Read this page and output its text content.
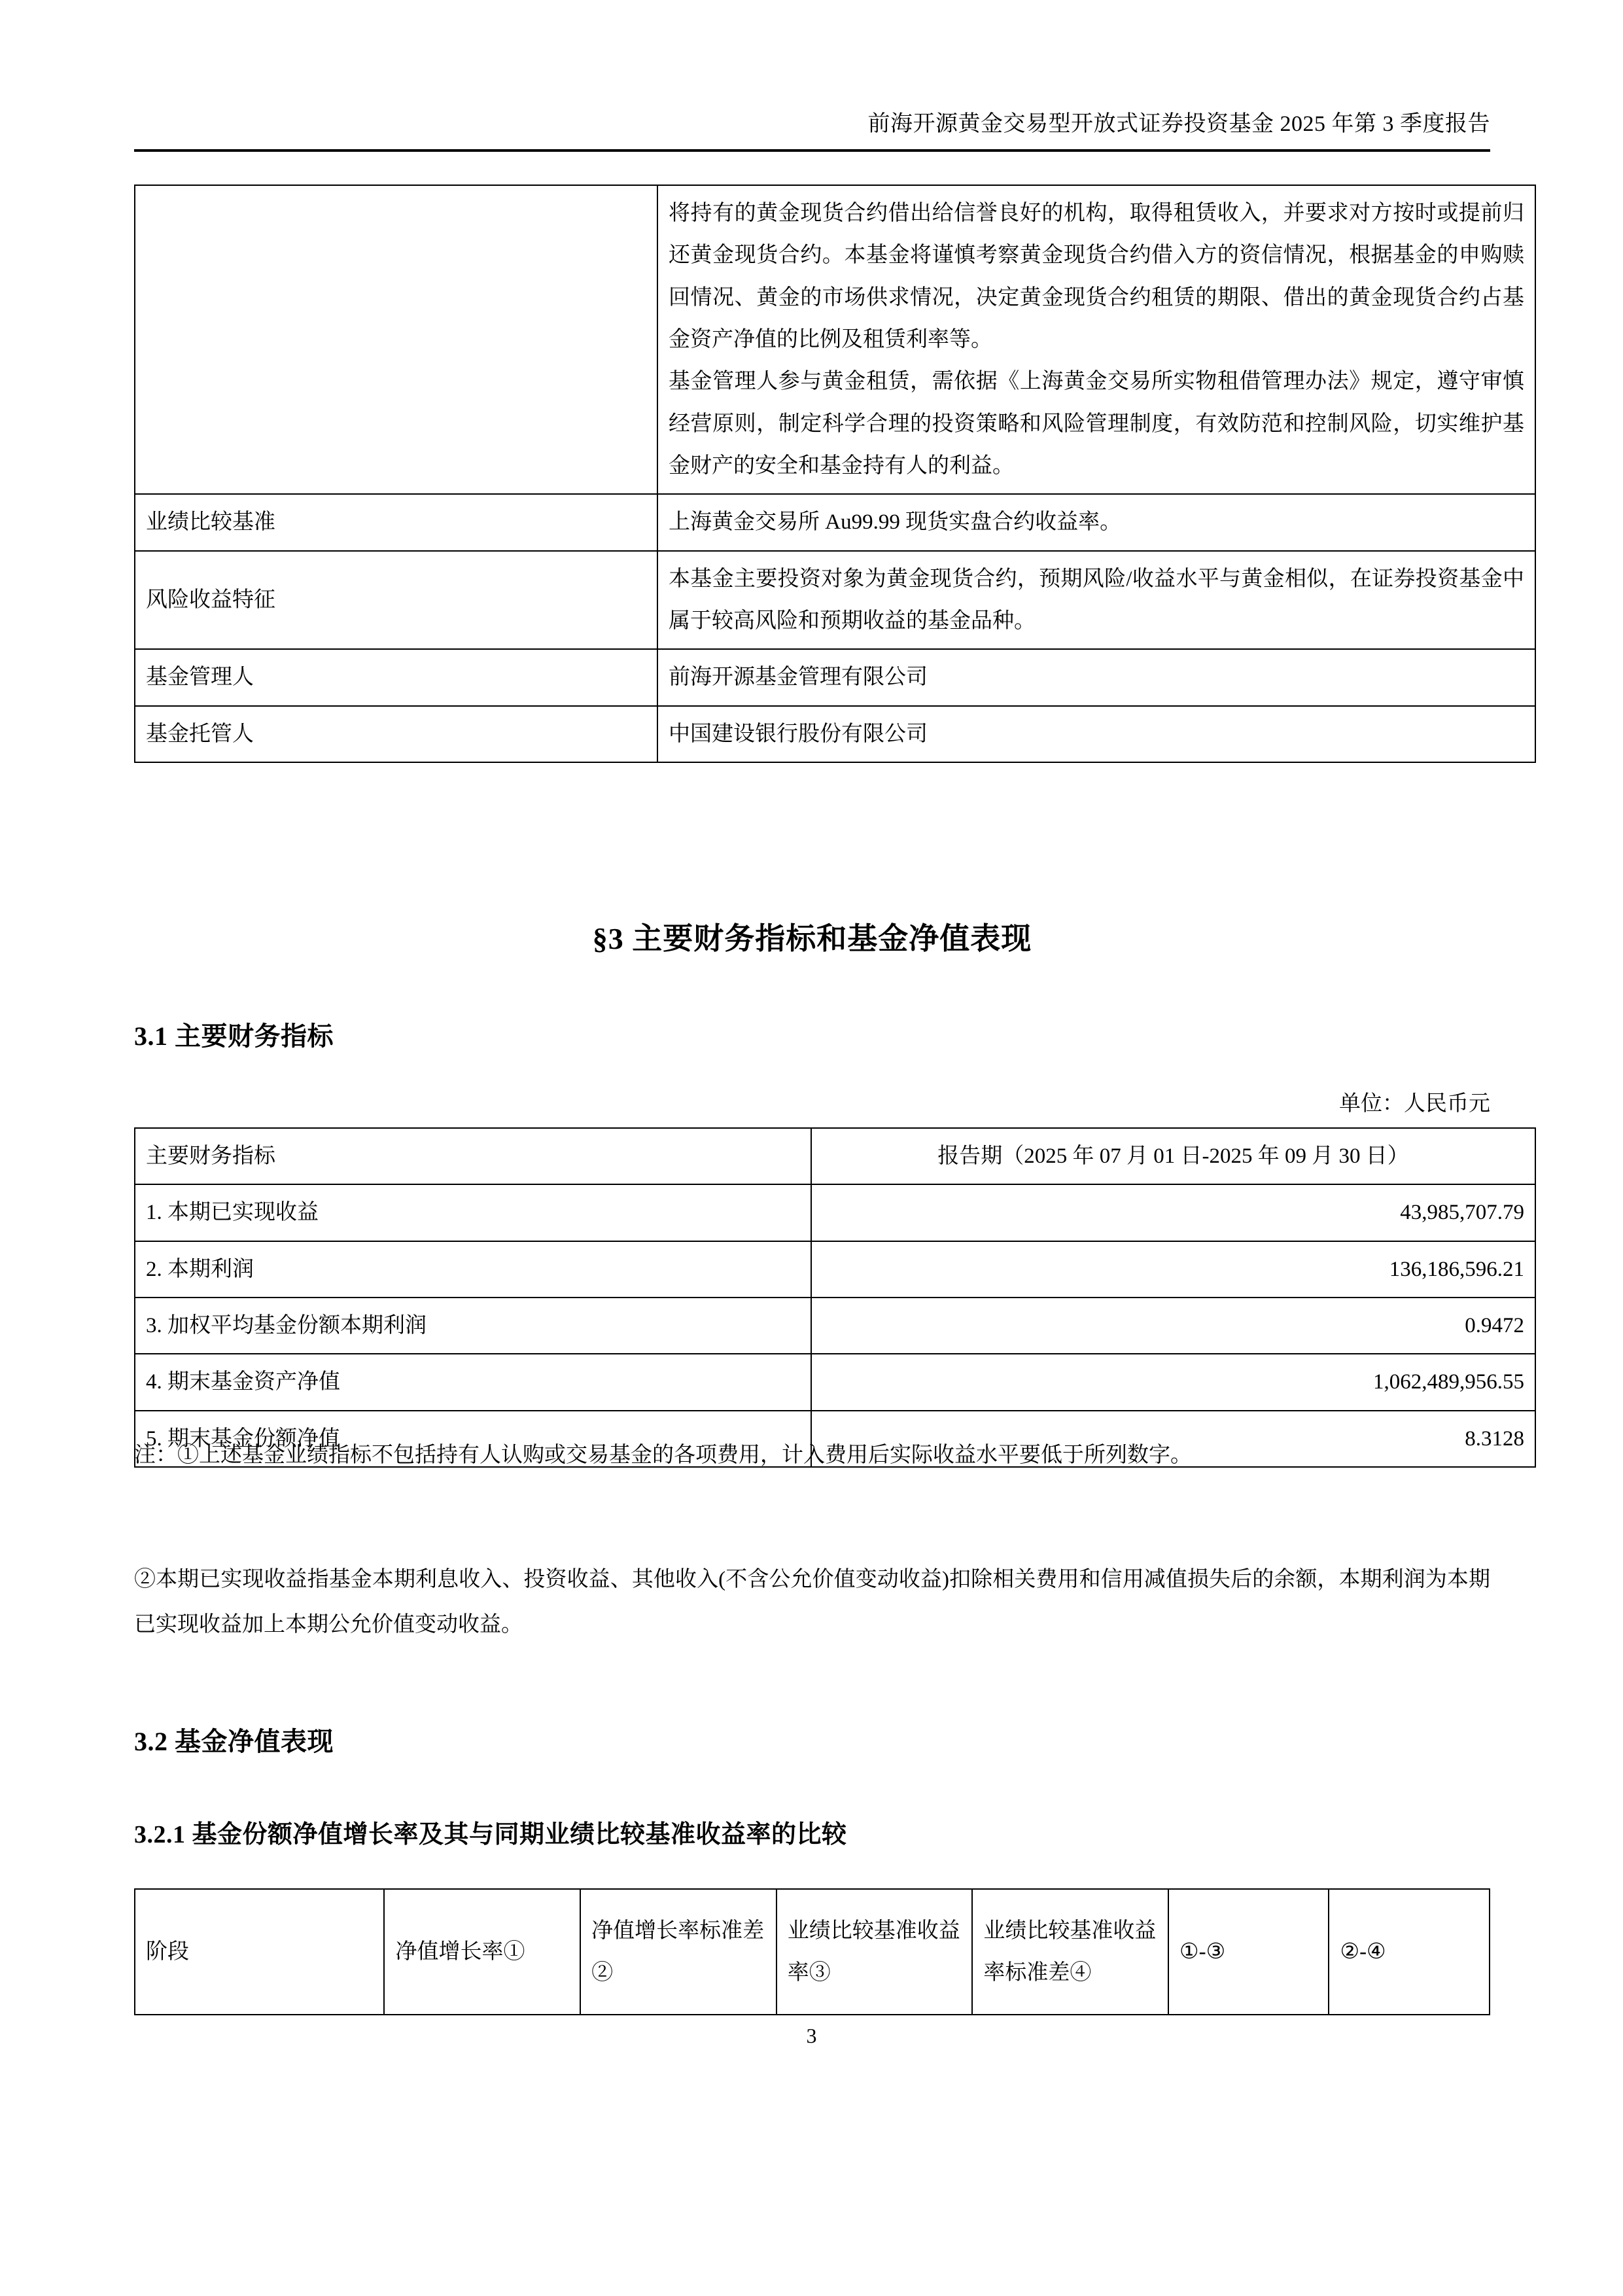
前海开源黄金交易型开放式证券投资基金 2025 年第 3 季度报告

	将持有的黄金现货合约借出给信誉良好的机构，取得租赁收入，并要求对方按时或提前归还黄金现货合约。本基金将谨慎考察黄金现货合约借入方的资信情况，根据基金的申购赎回情况、黄金的市场供求情况，决定黄金现货合约租赁的期限、借出的黄金现货合约占基金资产净值的比例及租赁利率等。

基金管理人参与黄金租赁，需依据《上海黄金交易所实物租借管理办法》规定，遵守审慎经营原则，制定科学合理的投资策略和风险管理制度，有效防范和控制风险，切实维护基金财产的安全和基金持有人的利益。

业绩比较基准	上海黄金交易所 Au99.99 现货实盘合约收益率。

风险收益特征	本基金主要投资对象为黄金现货合约，预期风险/收益水平与黄金相似，在证券投资基金中属于较高风险和预期收益的基金品种。

基金管理人	前海开源基金管理有限公司

基金托管人	中国建设银行股份有限公司

§3 主要财务指标和基金净值表现
3.1 主要财务指标
单位：人民币元
主要财务指标	报告期（2025 年 07 月 01 日-2025 年 09 月 30 日）
1. 本期已实现收益	43,985,707.79
2. 本期利润	136,186,596.21
3. 加权平均基金份额本期利润	0.9472
4. 期末基金资产净值	1,062,489,956.55
5. 期末基金份额净值	8.3128
注：①上述基金业绩指标不包括持有人认购或交易基金的各项费用，计入费用后实际收益水平要低于所列数字。
②本期已实现收益指基金本期利息收入、投资收益、其他收入(不含公允价值变动收益)扣除相关费用和信用减值损失后的余额，本期利润为本期已实现收益加上本期公允价值变动收益。
3.2 基金净值表现
3.2.1 基金份额净值增长率及其与同期业绩比较基准收益率的比较
阶段	净值增长率①	净值增长率标准差②	业绩比较基准收益率③	业绩比较基准收益率标准差④	①-③	②-④
3
